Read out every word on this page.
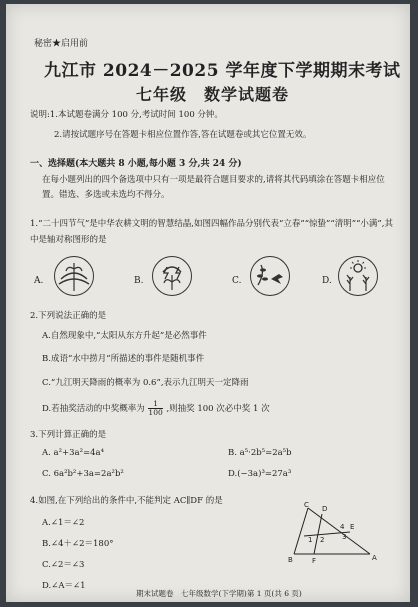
秘密★启用前
九江市 2024－2025 学年度下学期期末考试
七年级　数学试题卷
说明:1.本试题卷满分 100 分,考试时间 100 分钟。
2.请按试题序号在答题卡相应位置作答,答在试题卷或其它位置无效。
一、选择题(本大题共 8 小题,每小题 3 分,共 24 分)
在每小题列出的四个备选项中只有一项是最符合题目要求的,请将其代码填涂在答题卡相应位置。错选、多选或未选均不得分。
1.“二十四节气”是中华农耕文明的智慧结晶,如图四幅作品分别代表“立春”“惊蛰”“清明”“小满”,其中是轴对称图形的是
A.	B.	C.	D.
2.下列说法正确的是
A.自然现象中,“太阳从东方升起”是必然事件
B.成语“水中捞月”所描述的事件是随机事件
C.“九江明天降雨的概率为 0.6”,表示九江明天一定降雨
D.若抽奖活动的中奖概率为 $\frac{1}{100}$ ,则抽奖 100 次必中奖 1 次
3.下列计算正确的是
A. a²+3a²=4a⁴	B. a⁵·2b⁵=2a⁵b
C. 6a²b²+3a=2a²b²	D.(−3a)³=27a³
4.如图,在下列给出的条件中,不能判定 AC∥DF 的是
A.∠1＝∠2
B.∠4＋∠2＝180°
C.∠2＝∠3
D.∠A＝∠1
C D
F
E
B	A
1 2	3
4
期末试题卷　七年级数学(下学期)第 1 页(共 6 页)
